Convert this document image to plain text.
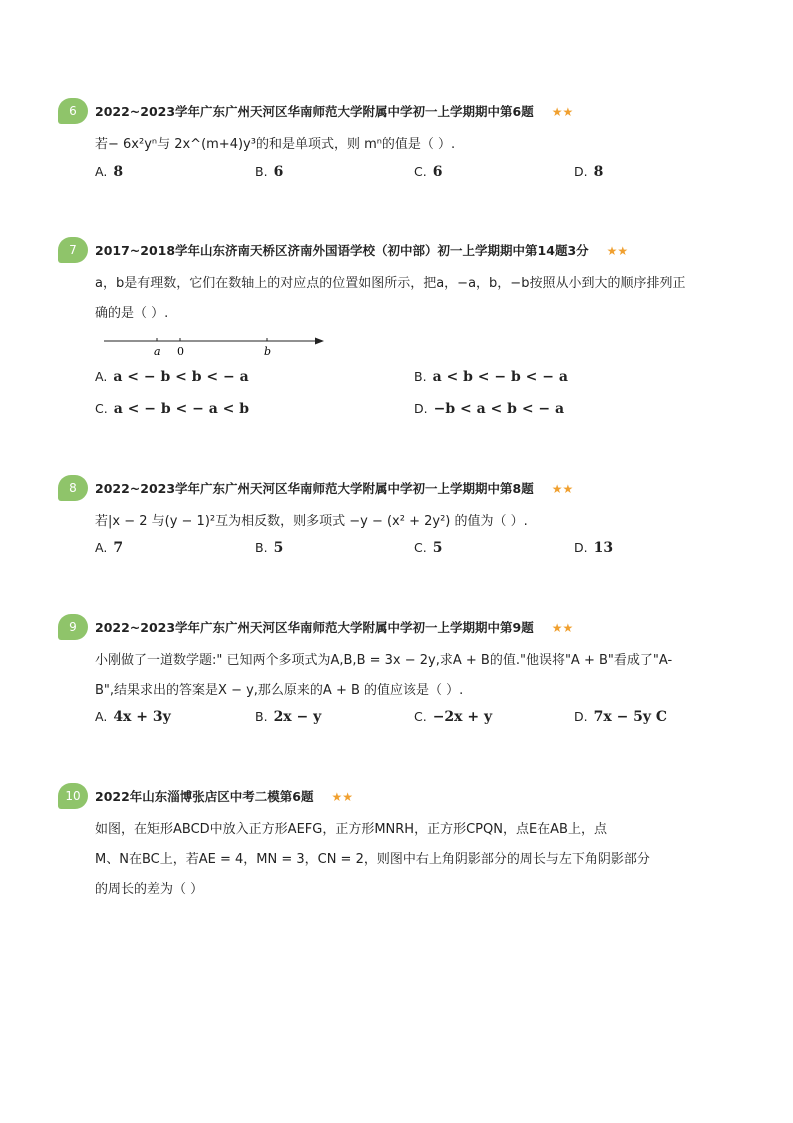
6	2022~2023学年广东广州天河区华南师范大学附属中学初一上学期期中第6题 ★★
若− 6x²yⁿ与 2x^(m+4)y³的和是单项式，则 mⁿ的值是（ ）.
A. 8	B. 6	C. 6	D. 8
7	2017~2018学年山东济南天桥区济南外国语学校（初中部）初一上学期期中第14题3分 ★★
a，b是有理数，它们在数轴上的对应点的位置如图所示，把a，−a，b，−b按照从小到大的顺序排列正
确的是（ ）.
a 0	b
A. a < − b < b < − a	B. a < b < − b < − a
C. a < − b < − a < b	D. −b < a < b < − a
8	2022~2023学年广东广州天河区华南师范大学附属中学初一上学期期中第8题 ★★
若|x − 2 与(y − 1)²互为相反数，则多项式 −y − (x² + 2y²) 的值为（ ）.
A. 7	B. 5	C. 5	D. 13
9	2022~2023学年广东广州天河区华南师范大学附属中学初一上学期期中第9题 ★★
小刚做了一道数学题:" 已知两个多项式为A,B,B = 3x − 2y,求A + B的值."他误将"A + B"看成了"A-
B",结果求出的答案是X − y,那么原来的A + B 的值应该是（ ）.
A. 4x + 3y	B. 2x − y	C. −2x + y	D. 7x − 5y C
10	2022年山东淄博张店区中考二模第6题 ★★
如图，在矩形ABCD中放入正方形AEFG，正方形MNRH，正方形CPQN，点E在AB上，点
M、N在BC上，若AE = 4，MN = 3，CN = 2，则图中右上角阴影部分的周长与左下角阴影部分
的周长的差为（ ）
